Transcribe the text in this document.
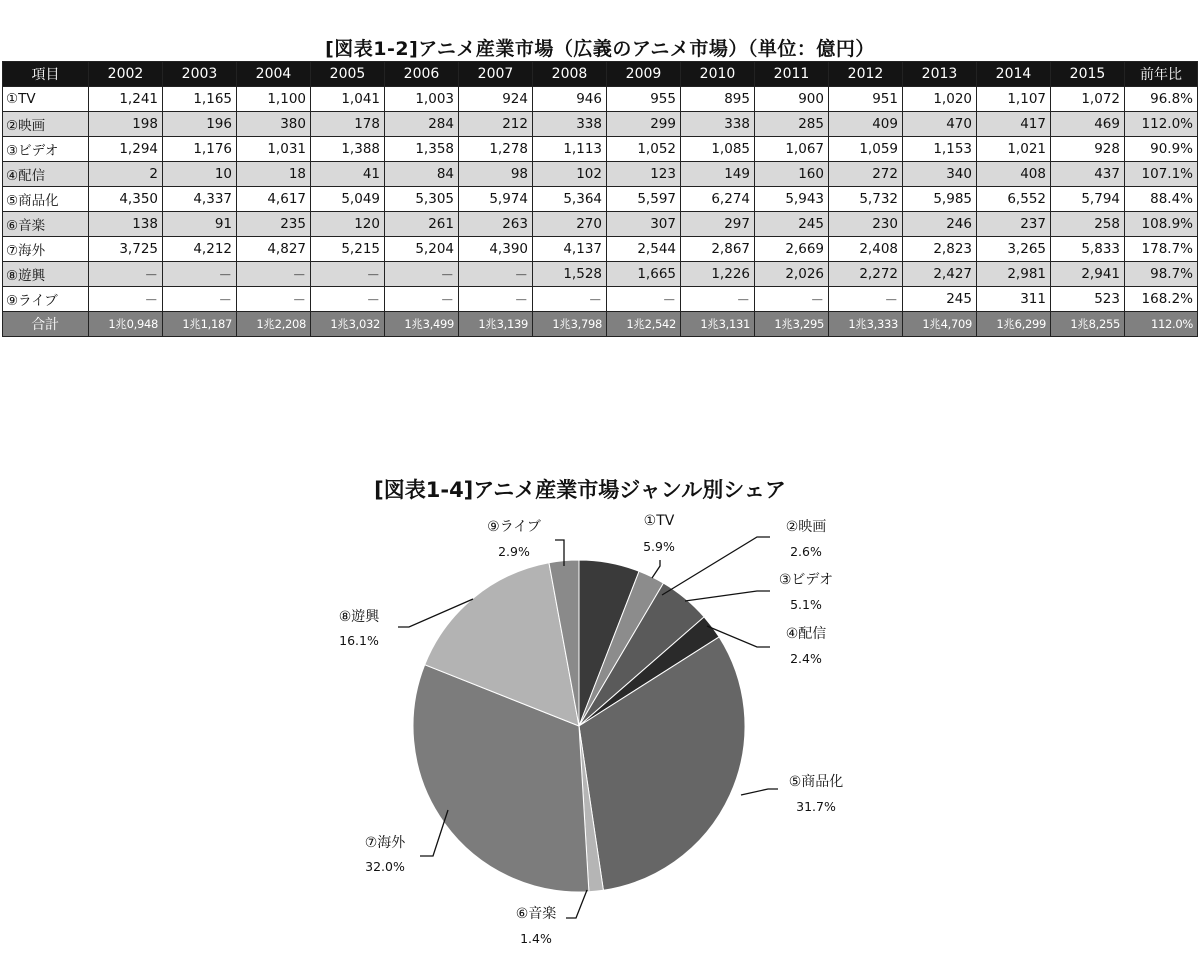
[図表1-2]アニメ産業市場（広義のアニメ市場）（単位：億円）
項目	2002	2003	2004	2005	2006	2007	2008	2009	2010	2011	2012	2013	2014	2015	前年比
①TV	1,241	1,165	1,100	1,041	1,003	924	946	955	895	900	951	1,020	1,107	1,072	96.8%
②映画	198	196	380	178	284	212	338	299	338	285	409	470	417	469	112.0%
③ビデオ	1,294	1,176	1,031	1,388	1,358	1,278	1,113	1,052	1,085	1,067	1,059	1,153	1,021	928	90.9%
④配信	2	10	18	41	84	98	102	123	149	160	272	340	408	437	107.1%
⑤商品化	4,350	4,337	4,617	5,049	5,305	5,974	5,364	5,597	6,274	5,943	5,732	5,985	6,552	5,794	88.4%
⑥音楽	138	91	235	120	261	263	270	307	297	245	230	246	237	258	108.9%
⑦海外	3,725	4,212	4,827	5,215	5,204	4,390	4,137	2,544	2,867	2,669	2,408	2,823	3,265	5,833	178.7%
⑧遊興	－	－	－	－	－	－	1,528	1,665	1,226	2,026	2,272	2,427	2,981	2,941	98.7%
⑨ライブ	－	－	－	－	－	－	－	－	－	－	－	245	311	523	168.2%
合計	1兆0,948	1兆1,187	1兆2,208	1兆3,032	1兆3,499	1兆3,139	1兆3,798	1兆2,542	1兆3,131	1兆3,295	1兆3,333	1兆4,709	1兆6,299	1兆8,255	112.0%
[図表1-4]アニメ産業市場ジャンル別シェア
①TV
5.9%
②映画
2.6%
③ビデオ
5.1%
④配信
2.4%
⑤商品化
31.7%
⑥音楽
1.4%
⑦海外
32.0%
⑧遊興
16.1%
⑨ライブ
2.9%
